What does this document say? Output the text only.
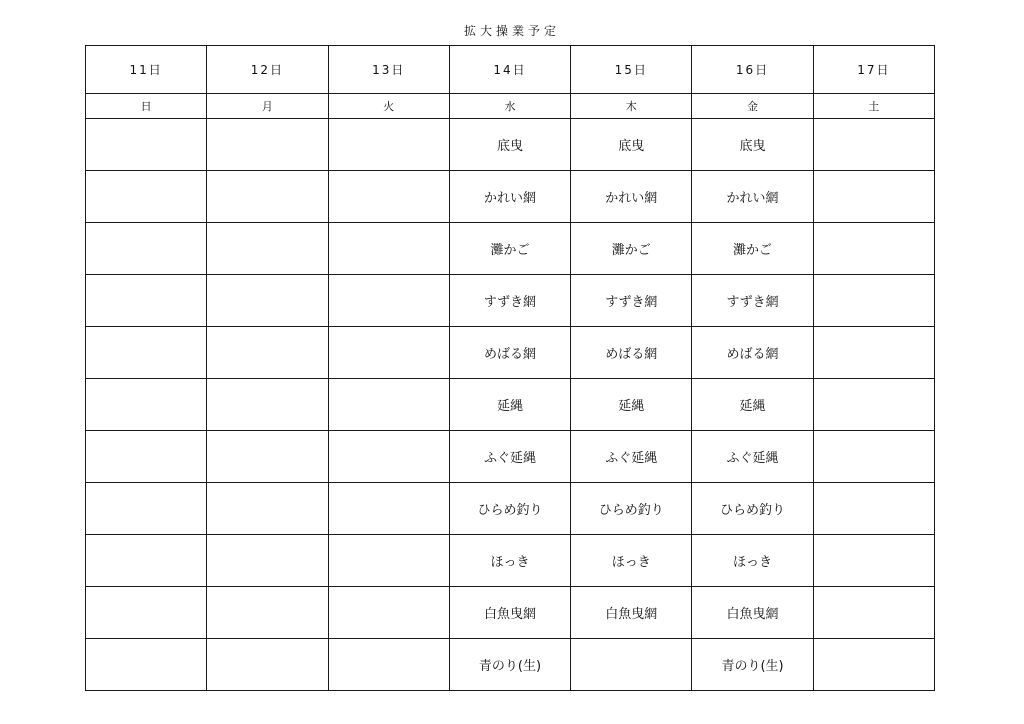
拡大操業予定
11日	12日	13日	14日	15日	16日	17日
日	月	火	水	木	金	土
			底曳	底曳	底曳	
			かれい網	かれい網	かれい網	
			灘かご	灘かご	灘かご	
			すずき網	すずき網	すずき網	
			めばる網	めばる網	めばる網	
			延縄	延縄	延縄	
			ふぐ延縄	ふぐ延縄	ふぐ延縄	
			ひらめ釣り	ひらめ釣り	ひらめ釣り	
			ほっき	ほっき	ほっき	
			白魚曳網	白魚曳網	白魚曳網	
			青のり(生)		青のり(生)	
